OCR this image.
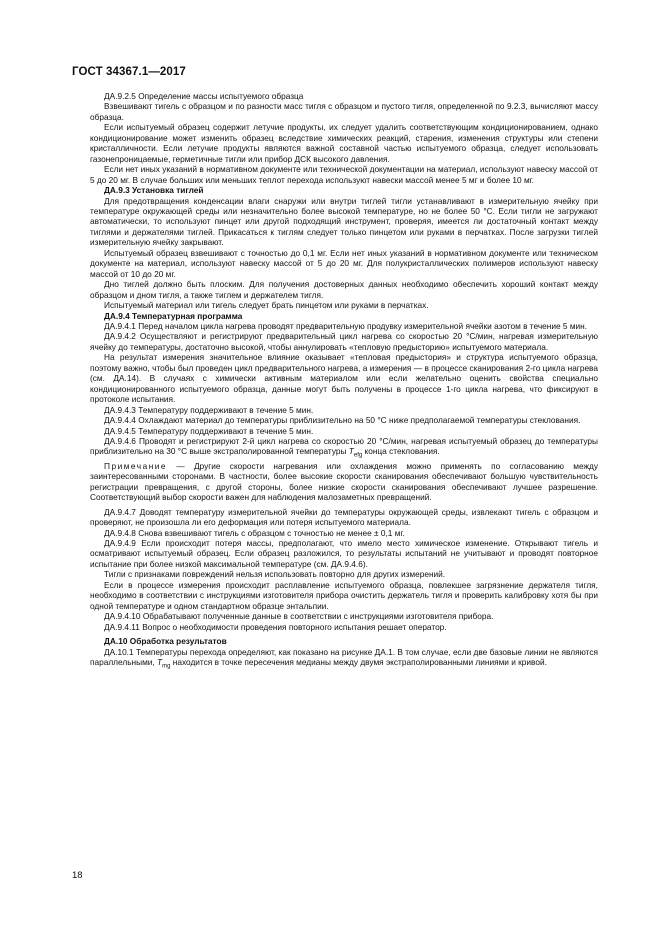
ГОСТ 34367.1—2017

ДА.9.2.5 Определение массы испытуемого образца

Взвешивают тигель с образцом и по разности масс тигля с образцом и пустого тигля, определенной по 9.2.3, вычисляют массу образца.

Если испытуемый образец содержит летучие продукты, их следует удалить соответствующим кондиционированием, однако кондиционирование может изменить образец вследствие химических реакций, старения, изменения структуры или степени кристалличности. Если летучие продукты являются важной составной частью испытуемого образца, следует использовать газонепроницаемые, герметичные тигли или прибор ДСК высокого давления.

Если нет иных указаний в нормативном документе или технической документации на материал, используют навеску массой от 5 до 20 мг. В случае больших или меньших теплот перехода используют навески массой менее 5 мг и более 10 мг.

ДА.9.3 Установка тиглей

Для предотвращения конденсации влаги снаружи или внутри тиглей тигли устанавливают в измерительную ячейку при температуре окружающей среды или незначительно более высокой температуре, но не более 50 °С. Если тигли не загружают автоматически, то используют пинцет или другой подходящий инструмент, проверяя, имеется ли достаточный контакт между тиглями и держателями тиглей. Прикасаться к тиглям следует только пинцетом или руками в перчатках. После загрузки тиглей измерительную ячейку закрывают.

Испытуемый образец взвешивают с точностью до 0,1 мг. Если нет иных указаний в нормативном документе или техническом документе на материал, используют навеску массой от 5 до 20 мг. Для полукристаллических полимеров используют навеску массой от 10 до 20 мг.

Дно тиглей должно быть плоским. Для получения достоверных данных необходимо обеспечить хороший контакт между образцом и дном тигля, а также тиглем и держателем тигля.

Испытуемый материал или тигель следует брать пинцетом или руками в перчатках.

ДА.9.4 Температурная программа

ДА.9.4.1 Перед началом цикла нагрева проводят предварительную продувку измерительной ячейки азотом в течение 5 мин.

ДА.9.4.2 Осуществляют и регистрируют предварительный цикл нагрева со скоростью 20 °С/мин, нагревая измерительную ячейку до температуры, достаточно высокой, чтобы аннулировать «тепловую предысторию» испытуемого материала.

На результат измерения значительное влияние оказывает «тепловая предыстория» и структура испытуемого образца, поэтому важно, чтобы был проведен цикл предварительного нагрева, а измерения — в процессе сканирования 2-го цикла нагрева (см. ДА.14). В случаях с химически активным материалом или если желательно оценить свойства специально кондиционированного испытуемого образца, данные могут быть получены в процессе 1-го цикла нагрева, что фиксируют в протоколе испытания.

ДА.9.4.3 Температуру поддерживают в течение 5 мин.

ДА.9.4.4 Охлаждают материал до температуры приблизительно на 50 °С ниже предполагаемой температуры стеклования.

ДА.9.4.5 Температуру поддерживают в течение 5 мин.

ДА.9.4.6 Проводят и регистрируют 2-й цикл нагрева со скоростью 20 °С/мин, нагревая испытуемый образец до температуры приблизительно на 30 °С выше экстраполированной температуры $T_{efg}$ конца стеклования.

Примечание — Другие скорости нагревания или охлаждения можно применять по согласованию между заинтересованными сторонами. В частности, более высокие скорости сканирования обеспечивают большую чувствительность регистрации превращения, с другой стороны, более низкие скорости сканирования обеспечивают лучшее разрешение. Соответствующий выбор скорости важен для наблюдения малозаметных превращений.

ДА.9.4.7 Доводят температуру измерительной ячейки до температуры окружающей среды, извлекают тигель с образцом и проверяют, не произошла ли его деформация или потеря испытуемого материала.

ДА.9.4.8 Снова взвешивают тигель с образцом с точностью не менее ± 0,1 мг.

ДА.9.4.9 Если происходит потеря массы, предполагают, что имело место химическое изменение. Открывают тигель и осматривают испытуемый образец. Если образец разложился, то результаты испытаний не учитывают и проводят повторное испытание при более низкой максимальной температуре (см. ДА.9.4.6).

Тигли с признаками повреждений нельзя использовать повторно для других измерений.

Если в процессе измерения происходит расплавление испытуемого образца, повлекшее загрязнение держателя тигля, необходимо в соответствии с инструкциями изготовителя прибора очистить держатель тигля и проверить калибровку хотя бы при одной температуре и одном стандартном образце энтальпии.

ДА.9.4.10 Обрабатывают полученные данные в соответствии с инструкциями изготовителя прибора.

ДА.9.4.11 Вопрос о необходимости проведения повторного испытания решает оператор.

ДА.10 Обработка результатов

ДА.10.1 Температуры перехода определяют, как показано на рисунке ДА.1. В том случае, если две базовые линии не являются параллельными, $T_{mg}$ находится в точке пересечения медианы между двумя экстраполированными линиями и кривой.

18
